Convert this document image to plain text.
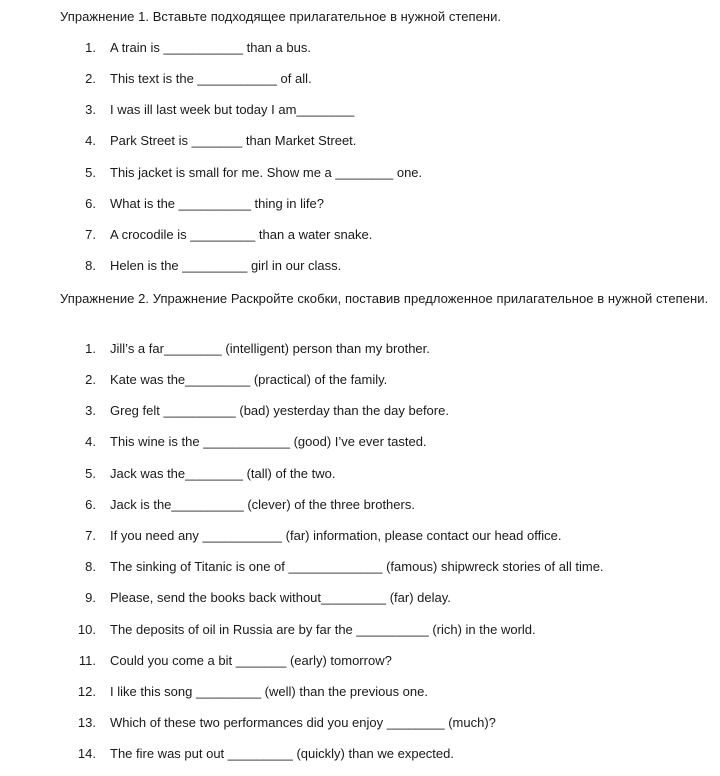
Упражнение 1. Вставьте подходящее прилагательное в нужной степени.
1. A train is ___________ than a bus.
2. This text is the ___________ of all.
3. I was ill last week but today I am________
4. Park Street is _______ than Market Street.
5. This jacket is small for me. Show me a ________ one.
6. What is the __________ thing in life?
7. A crocodile is _________ than a water snake.
8. Helen is the _________ girl in our class.
Упражнение 2. Упражнение Раскройте скобки, поставив предложенное прилагательное в нужной степени.
1. Jill’s a far________ (intelligent) person than my brother.
2. Kate was the_________ (practical) of the family.
3. Greg felt __________ (bad) yesterday than the day before.
4. This wine is the ____________ (good) I’ve ever tasted.
5. Jack was the________ (tall) of the two.
6. Jack is the__________ (clever) of the three brothers.
7. If you need any ___________ (far) information, please contact our head office.
8. The sinking of Titanic is one of _____________ (famous) shipwreck stories of all time.
9. Please, send the books back without_________ (far) delay.
10. The deposits of oil in Russia are by far the __________ (rich) in the world.
11. Could you come a bit _______ (early) tomorrow?
12. I like this song _________ (well) than the previous one.
13. Which of these two performances did you enjoy ________ (much)?
14. The fire was put out _________ (quickly) than we expected.
